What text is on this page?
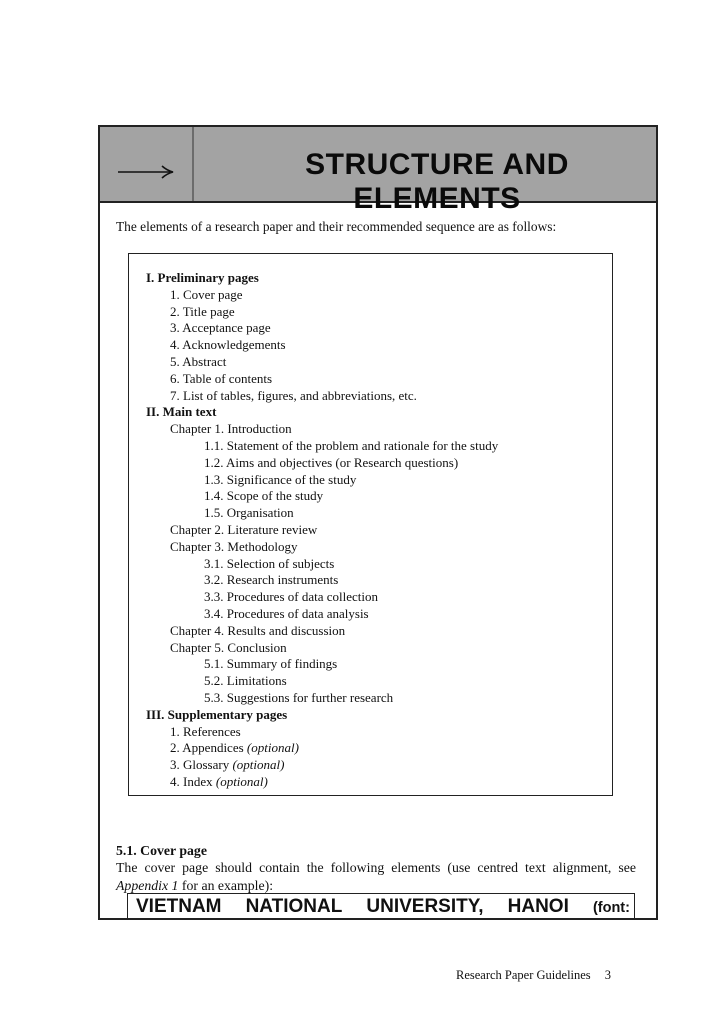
STRUCTURE AND ELEMENTS
The elements of a research paper and their recommended sequence are as follows:
I. Preliminary pages
1. Cover page
2. Title page
3. Acceptance page
4. Acknowledgements
5. Abstract
6. Table of contents
7. List of tables, figures, and abbreviations, etc.
II. Main text
Chapter 1. Introduction
1.1. Statement of the problem and rationale for the study
1.2. Aims and objectives (or Research questions)
1.3. Significance of the study
1.4. Scope of the study
1.5. Organisation
Chapter 2. Literature review
Chapter 3. Methodology
3.1. Selection of subjects
3.2. Research instruments
3.3. Procedures of data collection
3.4. Procedures of data analysis
Chapter 4. Results and discussion
Chapter 5. Conclusion
5.1. Summary of findings
5.2. Limitations
5.3. Suggestions for further research
III. Supplementary pages
1. References
2. Appendices (optional)
3. Glossary (optional)
4. Index (optional)
5.1. Cover page
The cover page should contain the following elements (use centred text alignment, see Appendix 1 for an example):
VIETNAM NATIONAL UNIVERSITY, HANOI (font:
Research Paper Guidelines 3
